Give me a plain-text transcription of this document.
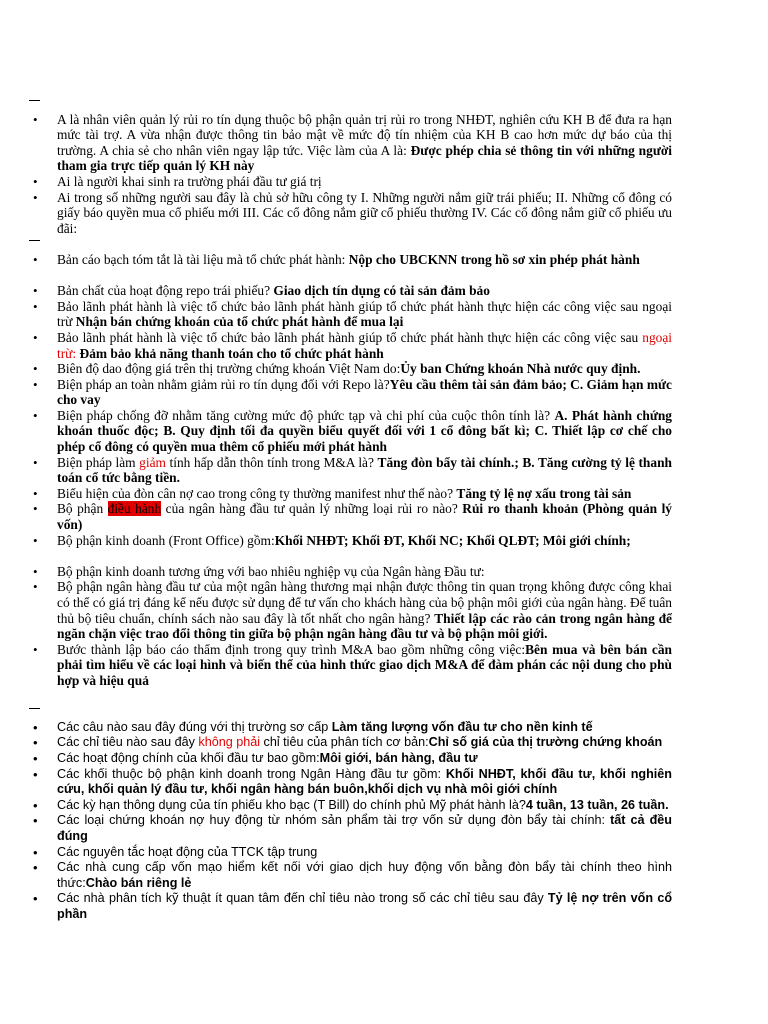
• A là nhân viên quản lý rủi ro tín dụng thuộc bộ phận quản trị rủi ro trong NHĐT, nghiên cứu KH B để đưa ra hạn mức tài trợ. A vừa nhận được thông tin bảo mật về mức độ tín nhiệm của KH B cao hơn mức dự báo của thị trường. A chia sẻ cho nhân viên ngay lập tức. Việc làm của A là: Được phép chia sẻ thông tin với những người tham gia trực tiếp quản lý KH này
• Ai là người khai sinh ra trường phái đầu tư giá trị
• Ai trong số những người sau đây là chủ sở hữu công ty I. Những người nắm giữ trái phiếu; II. Những cổ đông có giấy báo quyền mua cổ phiếu mới III. Các cổ đông nắm giữ cổ phiếu thường IV. Các cổ đông nắm giữ cổ phiếu ưu đãi:
• Bản cáo bạch tóm tắt là tài liệu mà tổ chức phát hành: Nộp cho UBCKNN trong hồ sơ xin phép phát hành
• Bản chất của hoạt động repo trái phiếu? Giao dịch tín dụng có tài sản đảm bảo
• Bảo lãnh phát hành là việc tổ chức bảo lãnh phát hành giúp tổ chức phát hành thực hiện các công việc sau ngoại trừ Nhận bán chứng khoán của tổ chức phát hành để mua lại
• Bảo lãnh phát hành là việc tổ chức bảo lãnh phát hành giúp tổ chức phát hành thực hiện các công việc sau ngoại trừ: Đảm bảo khả năng thanh toán cho tổ chức phát hành
• Biên độ dao động giá trên thị trường chứng khoán Việt Nam do:Ủy ban Chứng khoán Nhà nước quy định.
• Biện pháp an toàn nhằm giảm rủi ro tín dụng đối với Repo là?Yêu cầu thêm tài sản đảm bảo; C. Giảm hạn mức cho vay
• Biện pháp chống đỡ nhằm tăng cường mức độ phức tạp và chi phí của cuộc thôn tính là? A. Phát hành chứng khoán thuốc độc; B. Quy định tối đa quyền biểu quyết đối với 1 cổ đông bất kì; C. Thiết lập cơ chế cho phép cổ đông có quyền mua thêm cổ phiếu mới phát hành
• Biện pháp làm giảm tính hấp dẫn thôn tính trong M&A là? Tăng đòn bẩy tài chính.; B. Tăng cường tỷ lệ thanh toán cổ tức bằng tiền.
• Biểu hiện của đòn cân nợ cao trong công ty thường manifest như thế nào? Tăng tỷ lệ nợ xấu trong tài sản
• Bộ phận điều hành của ngân hàng đầu tư quản lý những loại rủi ro nào? Rủi ro thanh khoản (Phòng quản lý vốn)
• Bộ phận kinh doanh (Front Office) gồm:Khối NHĐT; Khối ĐT, Khối NC; Khối QLĐT; Môi giới chính;
• Bộ phận kinh doanh tương ứng với bao nhiêu nghiệp vụ của Ngân hàng Đầu tư:
• Bộ phận ngân hàng đầu tư của một ngân hàng thương mại nhận được thông tin quan trọng không được công khai có thể có giá trị đáng kể nếu được sử dụng để tư vấn cho khách hàng của bộ phận môi giới của ngân hàng. Để tuân thủ bộ tiêu chuẩn, chính sách nào sau đây là tốt nhất cho ngân hàng? Thiết lập các rào cản trong ngân hàng để ngăn chặn việc trao đổi thông tin giữa bộ phận ngân hàng đầu tư và bộ phận môi giới.
• Bước thành lập báo cáo thẩm định trong quy trình M&A bao gồm những công việc:Bên mua và bên bán cần phải tìm hiểu về các loại hình và biến thể của hình thức giao dịch M&A để đàm phán các nội dung cho phù hợp và hiệu quả
• Các câu nào sau đây đúng với thị trường sơ cấp Làm tăng lượng vốn đầu tư cho nền kinh tế
• Các chỉ tiêu nào sau đây không phải chỉ tiêu của phân tích cơ bản:Chỉ số giá của thị trường chứng khoán
• Các hoạt động chính của khối đầu tư bao gồm:Môi giới, bán hàng, đầu tư
• Các khối thuộc bộ phận kinh doanh trong Ngân Hàng đầu tư gồm: Khối NHĐT, khối đầu tư, khối nghiên cứu, khối quản lý đầu tư, khối ngân hàng bán buôn,khối dịch vụ nhà môi giới chính
• Các kỳ hạn thông dụng của tín phiếu kho bạc (T Bill) do chính phủ Mỹ phát hành là?4 tuần, 13 tuần, 26 tuần.
• Các loại chứng khoán nợ huy động từ nhóm sản phẩm tài trợ vốn sử dụng đòn bẩy tài chính: tất cả đều đúng
• Các nguyên tắc hoạt động của TTCK tập trung
• Các nhà cung cấp vốn mạo hiểm kết nối với giao dịch huy động vốn bằng đòn bẩy tài chính theo hình thức:Chào bán riêng lẻ
• Các nhà phân tích kỹ thuật ít quan tâm đến chỉ tiêu nào trong số các chỉ tiêu sau đây Tỷ lệ nợ trên vốn cổ phần
